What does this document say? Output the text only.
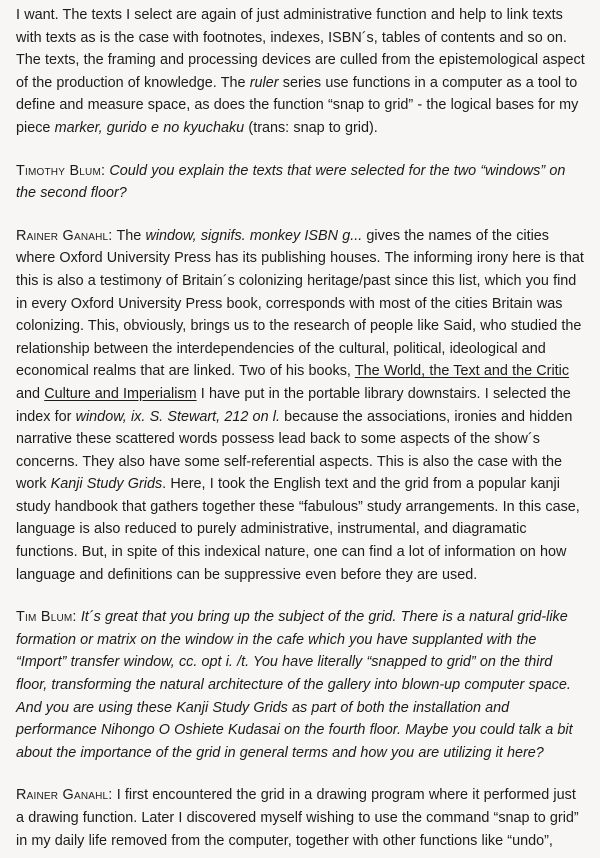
I want. The texts I select are again of just administrative function and help to link texts with texts as is the case with footnotes, indexes, ISBN´s, tables of contents and so on. The texts, the framing and processing devices are culled from the epistemological aspect of the production of knowledge. The ruler series use functions in a computer as a tool to define and measure space, as does the function “snap to grid” - the logical bases for my piece marker, gurido e no kyuchaku (trans: snap to grid).

Timothy Blum: Could you explain the texts that were selected for the two “windows” on the second floor?

Rainer Ganahl: The window, signifs. monkey ISBN g... gives the names of the cities where Oxford University Press has its publishing houses. The informing irony here is that this is also a testimony of Britain´s colonizing heritage/past since this list, which you find in every Oxford University Press book, corresponds with most of the cities Britain was colonizing. This, obviously, brings us to the research of people like Said, who studied the relationship between the interdependencies of the cultural, political, ideological and economical realms that are linked. Two of his books, The World, the Text and the Critic and Culture and Imperialism I have put in the portable library downstairs. I selected the index for window, ix. S. Stewart, 212 on l. because the associations, ironies and hidden narrative these scattered words possess lead back to some aspects of the show´s concerns. They also have some self-referential aspects. This is also the case with the work Kanji Study Grids. Here, I took the English text and the grid from a popular kanji study handbook that gathers together these “fabulous” study arrangements. In this case, language is also reduced to purely administrative, instrumental, and diagramatic functions. But, in spite of this indexical nature, one can find a lot of information on how language and definitions can be suppressive even before they are used.

Tim Blum: It´s great that you bring up the subject of the grid. There is a natural grid-like formation or matrix on the window in the cafe which you have supplanted with the “Import” transfer window, cc. opt i. /t. You have literally “snapped to grid” on the third floor, transforming the natural architecture of the gallery into blown-up computer space. And you are using these Kanji Study Grids as part of both the installation and performance Nihongo O Oshiete Kudasai on the fourth floor. Maybe you could talk a bit about the importance of the grid in general terms and how you are utilizing it here?

Rainer Ganahl: I first encountered the grid in a drawing program where it performed just a drawing function. Later I discovered myself wishing to use the command “snap to grid” in my daily life removed from the computer, together with other functions like “undo”,
